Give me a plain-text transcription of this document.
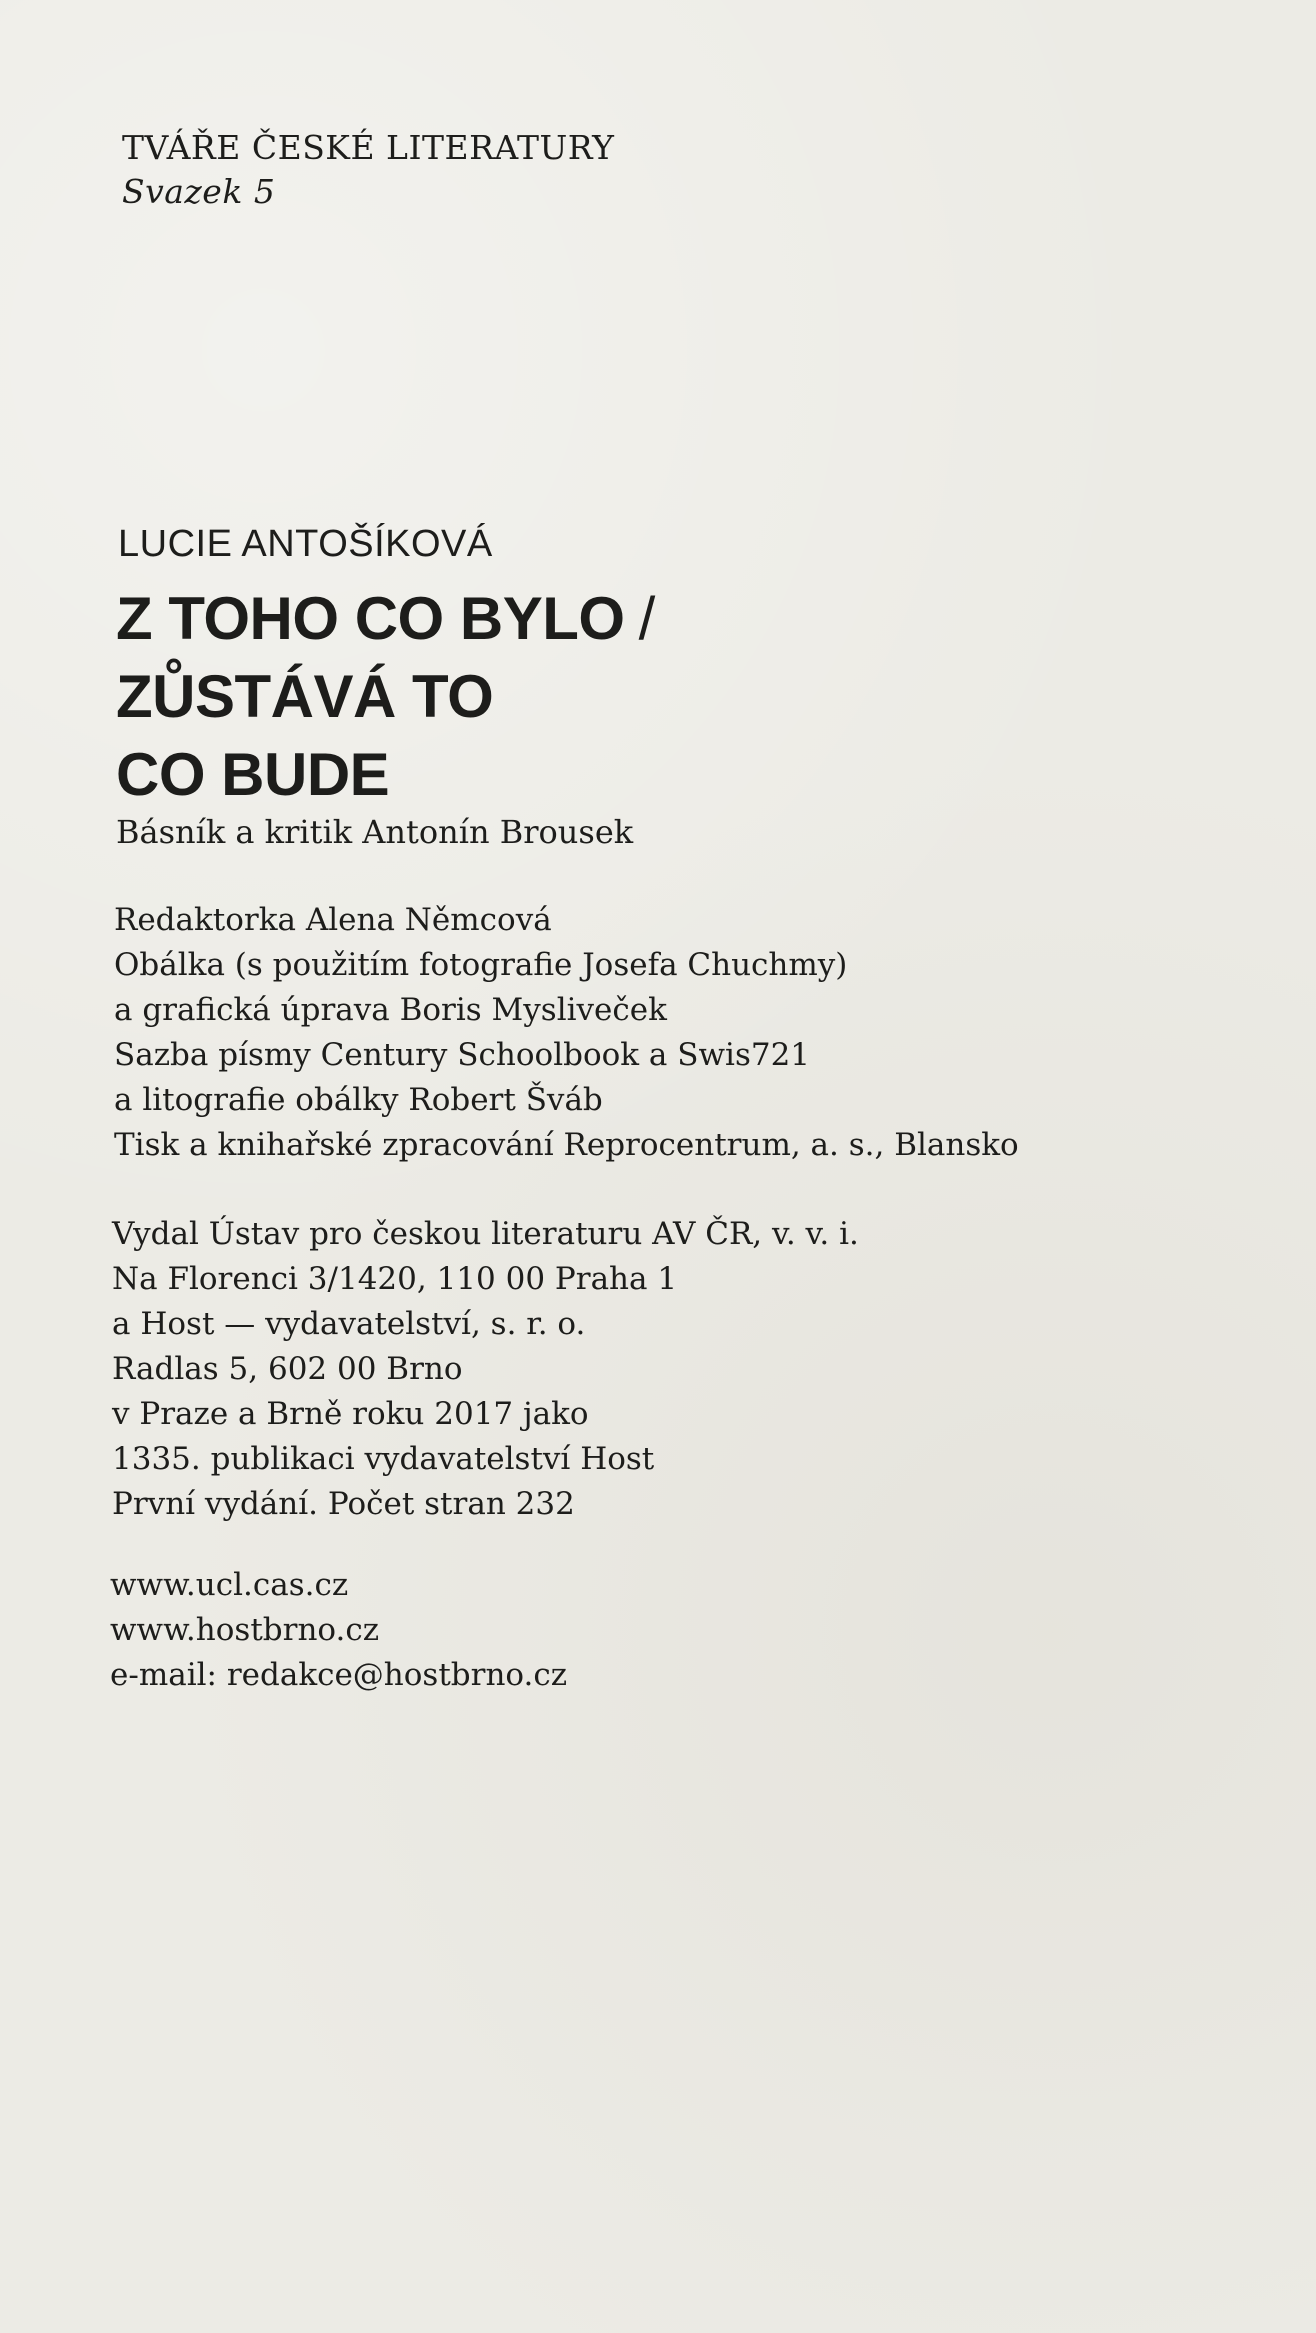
TVÁŘE ČESKÉ LITERATURY
Svazek 5
LUCIE ANTOŠÍKOVÁ
Z TOHO CO BYLO /
ZŮSTÁVÁ TO
CO BUDE
Básník a kritik Antonín Brousek
Redaktorka Alena Němcová
Obálka (s použitím fotografie Josefa Chuchmy)
a grafická úprava Boris Myslivеček
Sazba písmy Century Schoolbook a Swis721
a litografie obálky Robert Šváb
Tisk a knihařské zpracování Reprocentrum, a. s., Blansko
Vydal Ústav pro českou literaturu AV ČR, v. v. i.
Na Florenci 3/1420, 110 00 Praha 1
a Host — vydavatelství, s. r. o.
Radlas 5, 602 00 Brno
v Praze a Brně roku 2017 jako
1335. publikaci vydavatelství Host
První vydání. Počet stran 232
www.ucl.cas.cz
www.hostbrno.cz
e-mail: redakce@hostbrno.cz
